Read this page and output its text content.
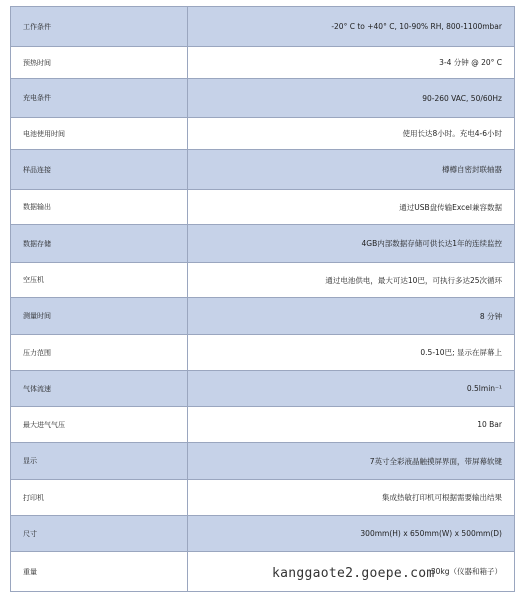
工作条件	-20° C to +40° C, 10-90% RH, 800-1100mbar
预热时间	3-4 分钟 @ 20° C
充电条件	90-260 VAC, 50/60Hz
电池使用时间	使用长达8小时。充电4-6小时
样品连接	樽樽自密封联轴器
数据输出	通过USB盘传输Excel兼容数据
数据存储	4GB内部数据存储可供长达1年的连续监控
空压机	通过电池供电，最大可达10巴，可执行多达25次循环
测量时间	8 分钟
压力范围	0.5-10巴; 显示在屏幕上
气体流速	0.5lmin⁻¹
最大进气气压	10 Bar
显示	7英寸全彩液晶触摸屏界面，带屏幕软键
打印机	集成热敏打印机可根据需要输出结果
尺寸	300mm(H) x 650mm(W) x 500mm(D)
重量	30kg（仪器和箱子）
kanggaote2.goepe.com
